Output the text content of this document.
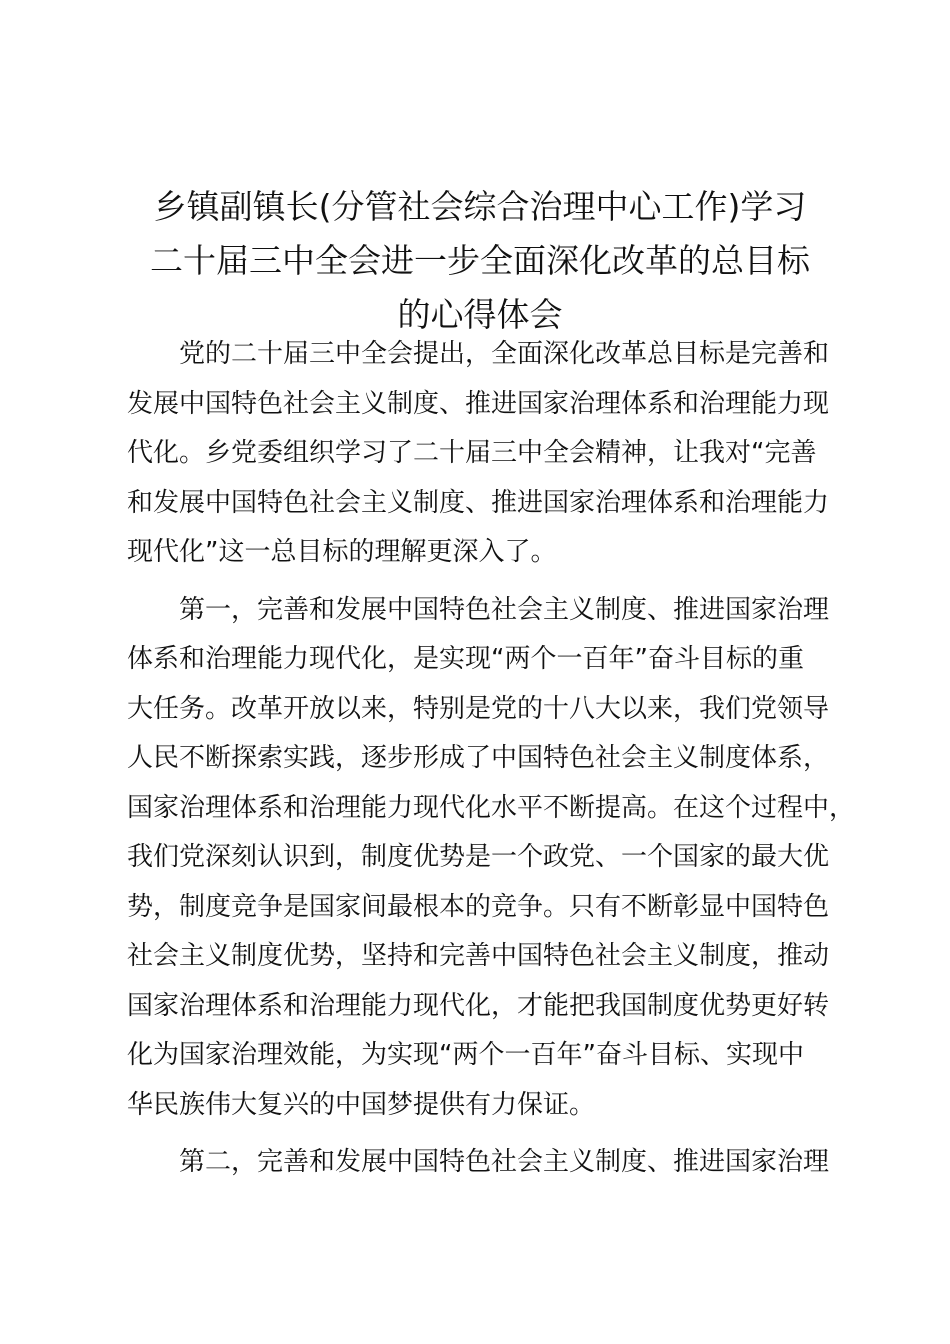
乡镇副镇长(分管社会综合治理中心工作)学习
二十届三中全会进一步全面深化改革的总目标
的心得体会

党的二十届三中全会提出，全面深化改革总目标是完善和
发展中国特色社会主义制度、推进国家治理体系和治理能力现
代化。乡党委组织学习了二十届三中全会精神，让我对“完善
和发展中国特色社会主义制度、推进国家治理体系和治理能力
现代化”这一总目标的理解更深入了。

第一，完善和发展中国特色社会主义制度、推进国家治理
体系和治理能力现代化，是实现“两个一百年”奋斗目标的重
大任务。改革开放以来，特别是党的十八大以来，我们党领导
人民不断探索实践，逐步形成了中国特色社会主义制度体系，
国家治理体系和治理能力现代化水平不断提高。在这个过程中，
我们党深刻认识到，制度优势是一个政党、一个国家的最大优
势，制度竞争是国家间最根本的竞争。只有不断彰显中国特色
社会主义制度优势，坚持和完善中国特色社会主义制度，推动
国家治理体系和治理能力现代化，才能把我国制度优势更好转
化为国家治理效能，为实现“两个一百年”奋斗目标、实现中
华民族伟大复兴的中国梦提供有力保证。

第二，完善和发展中国特色社会主义制度、推进国家治理
